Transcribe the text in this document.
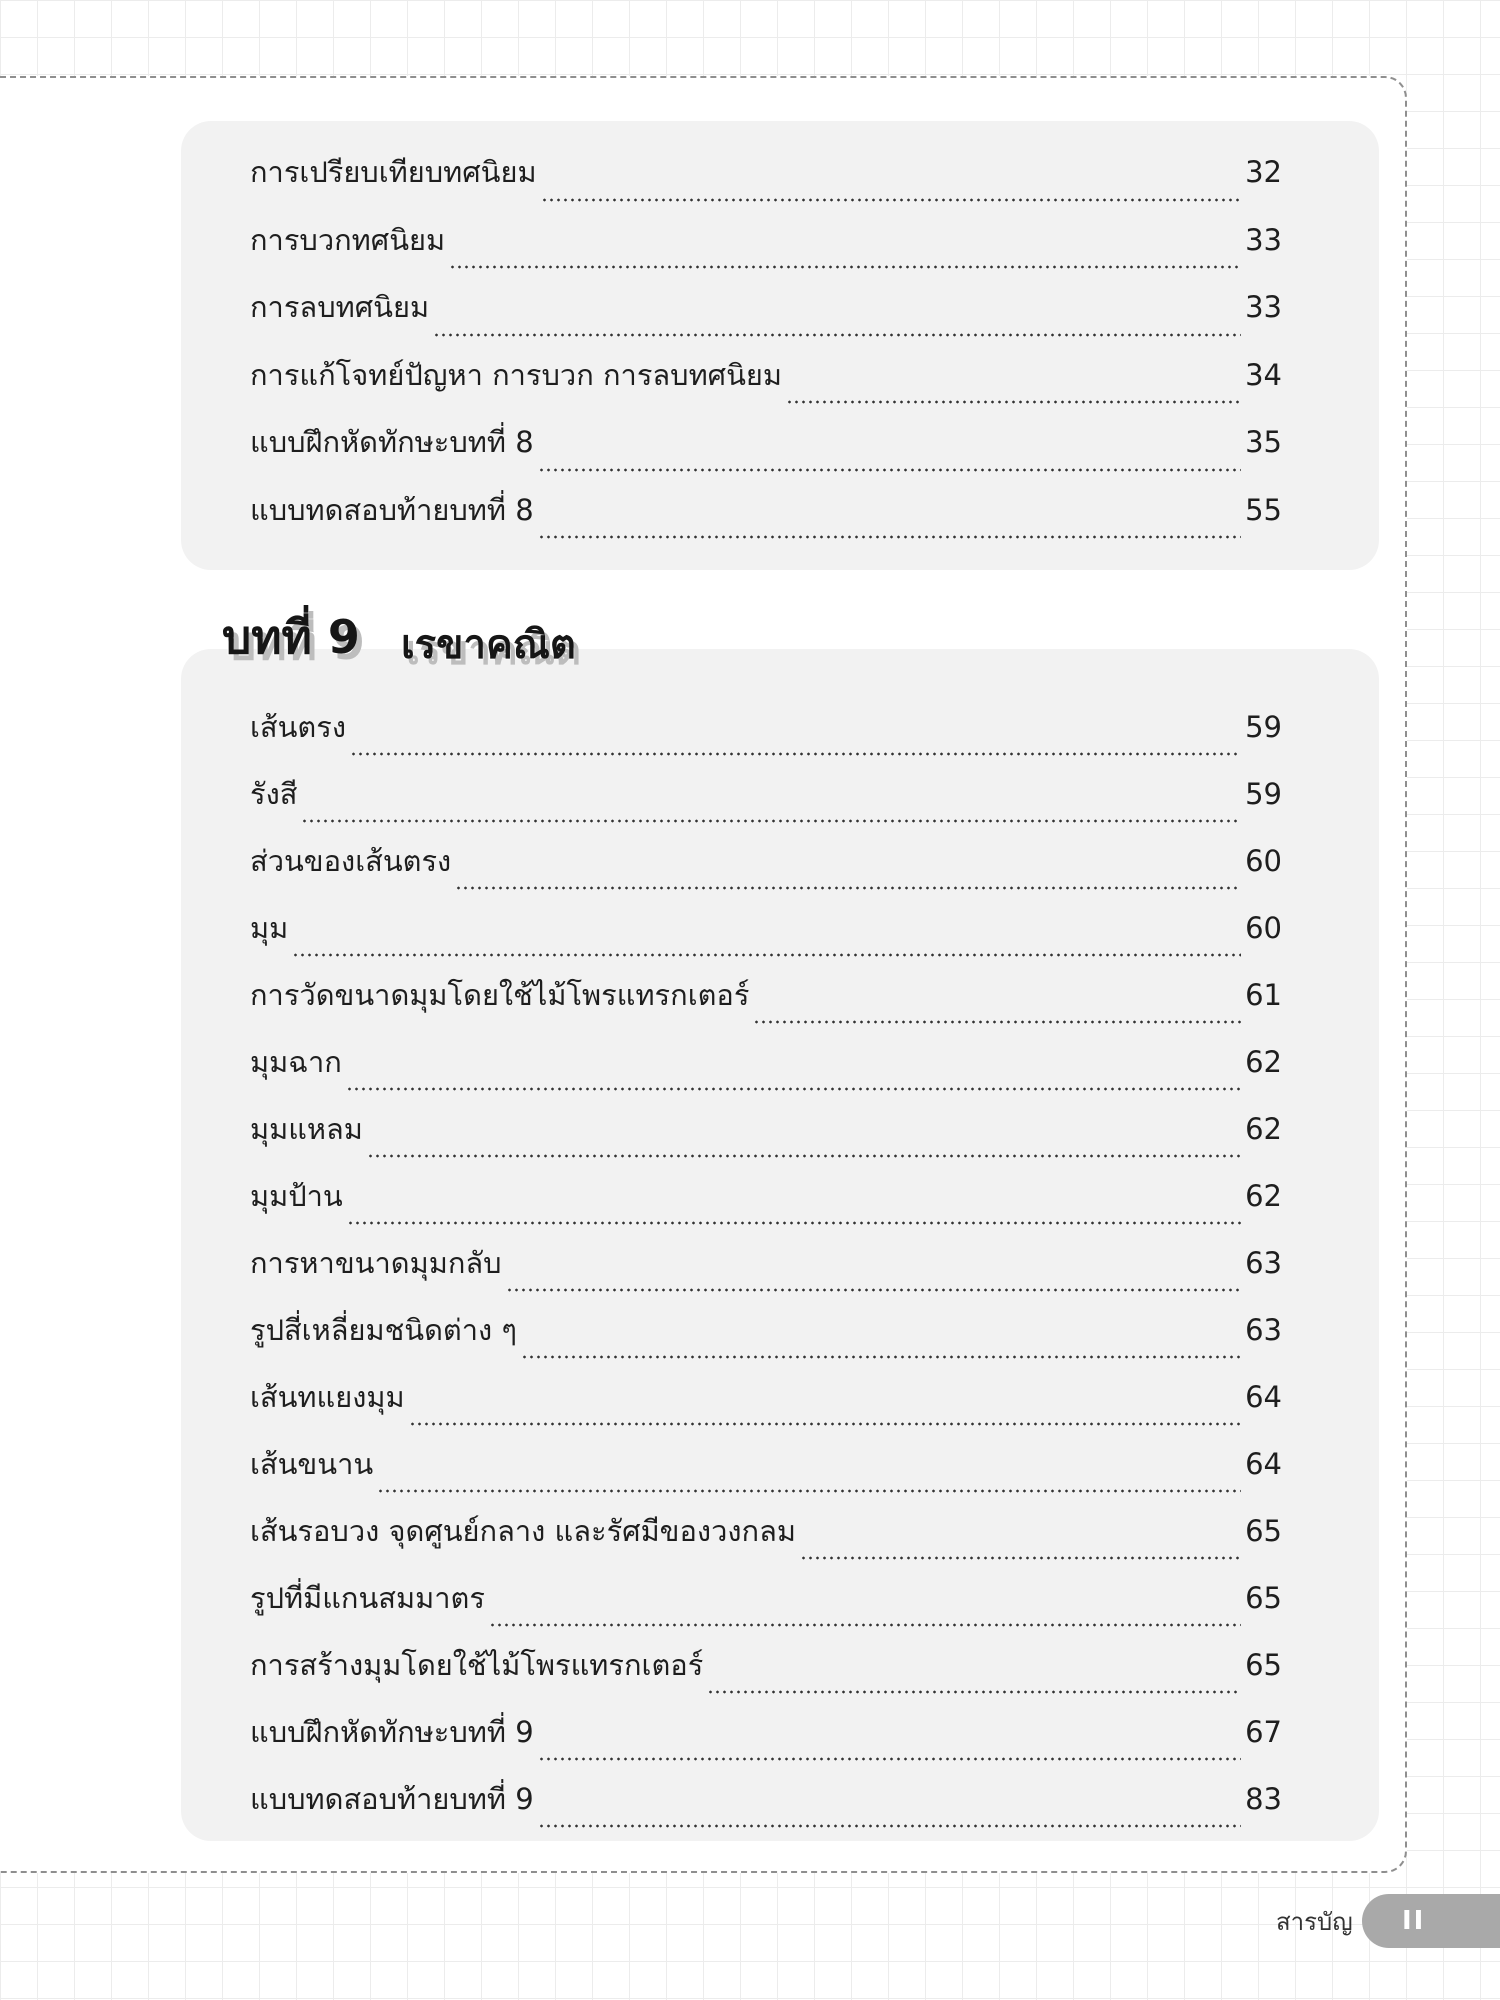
การเปรียบเทียบทศนิยม	32
การบวกทศนิยม	33
การลบทศนิยม	33
การแก้โจทย์ปัญหา การบวก การลบทศนิยม	34
แบบฝึกหัดทักษะบทที่ 8	35
แบบทดสอบท้ายบทที่ 8	55
บทที่ 9 เรขาคณิต
เส้นตรง	59
รังสี	59
ส่วนของเส้นตรง	60
มุม	60
การวัดขนาดมุมโดยใช้ไม้โพรแทรกเตอร์	61
มุมฉาก	62
มุมแหลม	62
มุมป้าน	62
การหาขนาดมุมกลับ	63
รูปสี่เหลี่ยมชนิดต่าง ๆ	63
เส้นทแยงมุม	64
เส้นขนาน	64
เส้นรอบวง จุดศูนย์กลาง และรัศมีของวงกลม	65
รูปที่มีแกนสมมาตร	65
การสร้างมุมโดยใช้ไม้โพรแทรกเตอร์	65
แบบฝึกหัดทักษะบทที่ 9	67
แบบทดสอบท้ายบทที่ 9	83
สารบัญ	II
